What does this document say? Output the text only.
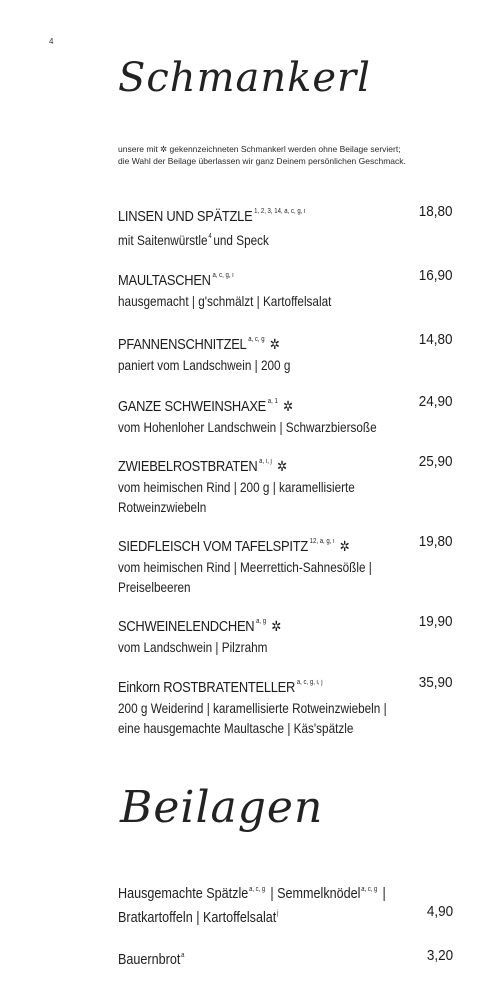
4
Schmankerl
unsere mit ✲ gekennzeichneten Schmankerl werden ohne Beilage serviert;
die Wahl der Beilage überlassen wir ganz Deinem persönlichen Geschmack.
LINSEN UND SPÄTZLE $^{1, 2, 3, 14, a, c, g, i}$
mit Saitenwürstle$^4$ und Speck
18,80
MAULTASCHEN $^{a, c, g, i}$
hausgemacht | g'schmälzt | Kartoffelsalat
16,90
PFANNENSCHNITZEL $^{a, c, g}$ ✲
paniert vom Landschwein | 200 g
14,80
GANZE SCHWEINSHAXE $^{a, 1}$ ✲
vom Hohenloher Landschwein | Schwarzbiersoße
24,90
ZWIEBELROSTBRATEN $^{a, i, j}$ ✲
vom heimischen Rind | 200 g | karamellisierte
Rotweinzwiebeln
25,90
SIEDFLEISCH VOM TAFELSPITZ $^{12, a, g, i}$ ✲
vom heimischen Rind | Meerrettich-Sahnesößle |
Preiselbeeren
19,80
SCHWEINELENDCHEN $^{a, g}$ ✲
vom Landschwein | Pilzrahm
19,90
Einkorn ROSTBRATENTELLER $^{a, c, g, i, j}$
200 g Weiderind | karamellisierte Rotweinzwiebeln |
eine hausgemachte Maultasche | Käs'spätzle
35,90
Beilagen
Hausgemachte Spätzle$^{a, c, g}$ | Semmelknödel$^{a, c, g}$ |
Bratkartoffeln | Kartoffelsalat$^j$	4,90
Bauernbrot$^a$	3,20
